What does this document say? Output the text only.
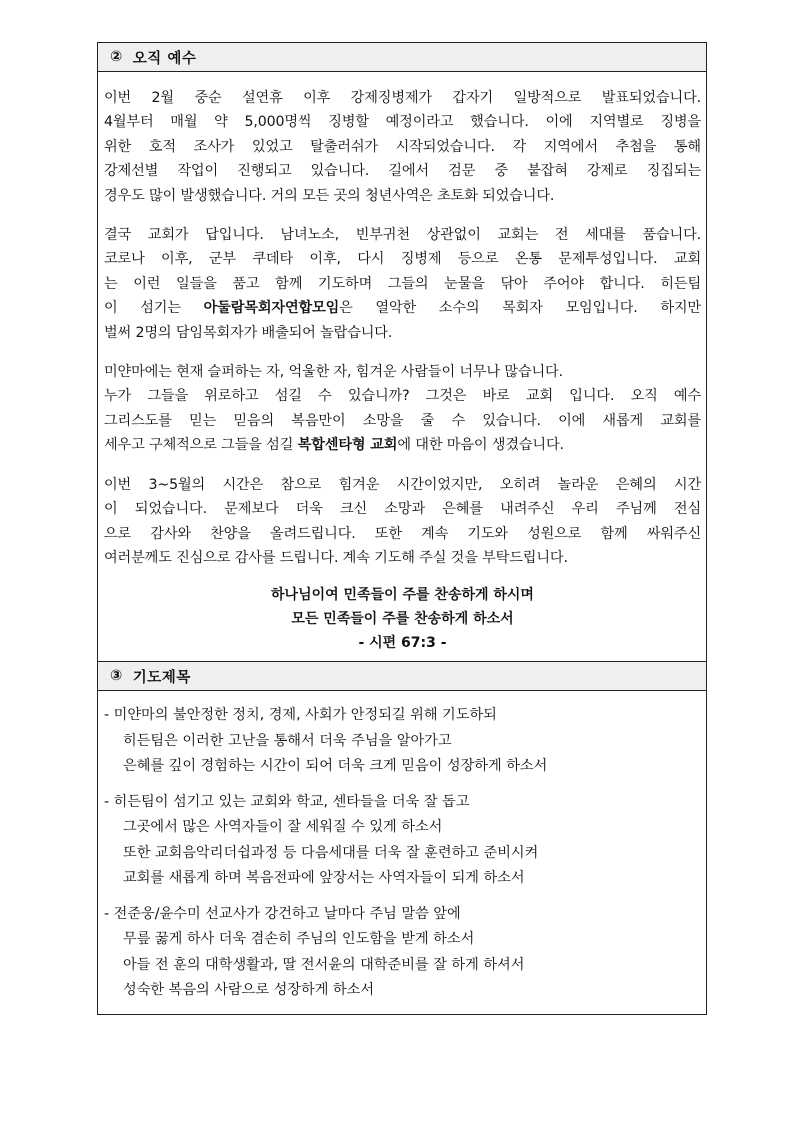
② 오직 예수
이번 2월 중순 설연휴 이후 강제징병제가 갑자기 일방적으로 발표되었습니다.
4월부터 매월 약 5,000명씩 징병할 예정이라고 했습니다. 이에 지역별로 징병을
위한 호적 조사가 있었고 탈출러쉬가 시작되었습니다. 각 지역에서 추첨을 통해
강제선별 작업이 진행되고 있습니다. 길에서 검문 중 붙잡혀 강제로 징집되는
경우도 많이 발생했습니다. 거의 모든 곳의 청년사역은 초토화 되었습니다.
결국 교회가 답입니다. 남녀노소, 빈부귀천 상관없이 교회는 전 세대를 품습니다.
코로나 이후, 군부 쿠데타 이후, 다시 징병제 등으로 온통 문제투성입니다. 교회
는 이런 일들을 품고 함께 기도하며 그들의 눈물을 닦아 주어야 합니다. 히든팀
이 섬기는 아둘람목회자연합모임은 열악한 소수의 목회자 모임입니다. 하지만
벌써 2명의 담임목회자가 배출되어 놀랍습니다.
미얀마에는 현재 슬퍼하는 자, 억울한 자, 힘겨운 사람들이 너무나 많습니다.
누가 그들을 위로하고 섬길 수 있습니까? 그것은 바로 교회 입니다. 오직 예수
그리스도를 믿는 믿음의 복음만이 소망을 줄 수 있습니다. 이에 새롭게 교회를
세우고 구체적으로 그들을 섬길 복합센타형 교회에 대한 마음이 생겼습니다.
이번 3~5월의 시간은 참으로 힘겨운 시간이었지만, 오히려 놀라운 은혜의 시간
이 되었습니다. 문제보다 더욱 크신 소망과 은혜를 내려주신 우리 주님께 전심
으로 감사와 찬양을 올려드립니다. 또한 계속 기도와 성원으로 함께 싸워주신
여러분께도 진심으로 감사를 드립니다. 계속 기도해 주실 것을 부탁드립니다.
하나님이여 민족들이 주를 찬송하게 하시며
모든 민족들이 주를 찬송하게 하소서
- 시편 67:3 -
③ 기도제목
- 미얀마의 불안정한 정치, 경제, 사회가 안정되길 위해 기도하되
히든팀은 이러한 고난을 통해서 더욱 주님을 알아가고
은혜를 깊이 경험하는 시간이 되어 더욱 크게 믿음이 성장하게 하소서
- 히든팀이 섬기고 있는 교회와 학교, 센타들을 더욱 잘 돕고
그곳에서 많은 사역자들이 잘 세워질 수 있게 하소서
또한 교회음악리더쉽과정 등 다음세대를 더욱 잘 훈련하고 준비시켜
교회를 새롭게 하며 복음전파에 앞장서는 사역자들이 되게 하소서
- 전준웅/윤수미 선교사가 강건하고 날마다 주님 말씀 앞에
무릎 꿇게 하사 더욱 겸손히 주님의 인도함을 받게 하소서
아들 전 훈의 대학생활과, 딸 전서윤의 대학준비를 잘 하게 하셔서
성숙한 복음의 사람으로 성장하게 하소서
